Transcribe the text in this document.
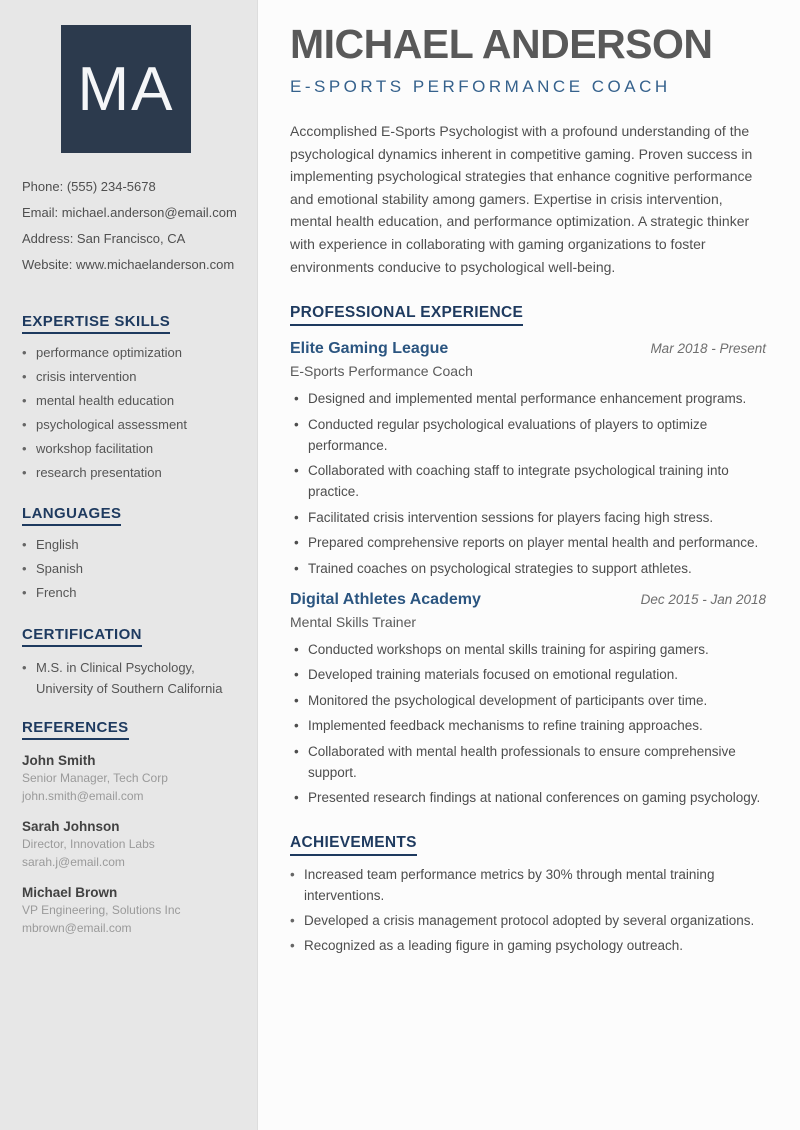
MA
Phone: (555) 234-5678
Email: michael.anderson@email.com
Address: San Francisco, CA
Website: www.michaelanderson.com
EXPERTISE SKILLS
• performance optimization
• crisis intervention
• mental health education
• psychological assessment
• workshop facilitation
• research presentation
LANGUAGES
• English
• Spanish
• French
CERTIFICATION
• M.S. in Clinical Psychology, University of Southern California
REFERENCES
John Smith
Senior Manager, Tech Corp
john.smith@email.com
Sarah Johnson
Director, Innovation Labs
sarah.j@email.com
Michael Brown
VP Engineering, Solutions Inc
mbrown@email.com
MICHAEL ANDERSON
E-SPORTS PERFORMANCE COACH

Accomplished E-Sports Psychologist with a profound understanding of the psychological dynamics inherent in competitive gaming. Proven success in implementing psychological strategies that enhance cognitive performance and emotional stability among gamers. Expertise in crisis intervention, mental health education, and performance optimization. A strategic thinker with experience in collaborating with gaming organizations to foster environments conducive to psychological well-being.

PROFESSIONAL EXPERIENCE
Elite Gaming League	Mar 2018 - Present
E-Sports Performance Coach
• Designed and implemented mental performance enhancement programs.
• Conducted regular psychological evaluations of players to optimize performance.
• Collaborated with coaching staff to integrate psychological training into practice.
• Facilitated crisis intervention sessions for players facing high stress.
• Prepared comprehensive reports on player mental health and performance.
• Trained coaches on psychological strategies to support athletes.
Digital Athletes Academy	Dec 2015 - Jan 2018
Mental Skills Trainer
• Conducted workshops on mental skills training for aspiring gamers.
• Developed training materials focused on emotional regulation.
• Monitored the psychological development of participants over time.
• Implemented feedback mechanisms to refine training approaches.
• Collaborated with mental health professionals to ensure comprehensive support.
• Presented research findings at national conferences on gaming psychology.
ACHIEVEMENTS
• Increased team performance metrics by 30% through mental training interventions.
• Developed a crisis management protocol adopted by several organizations.
• Recognized as a leading figure in gaming psychology outreach.
